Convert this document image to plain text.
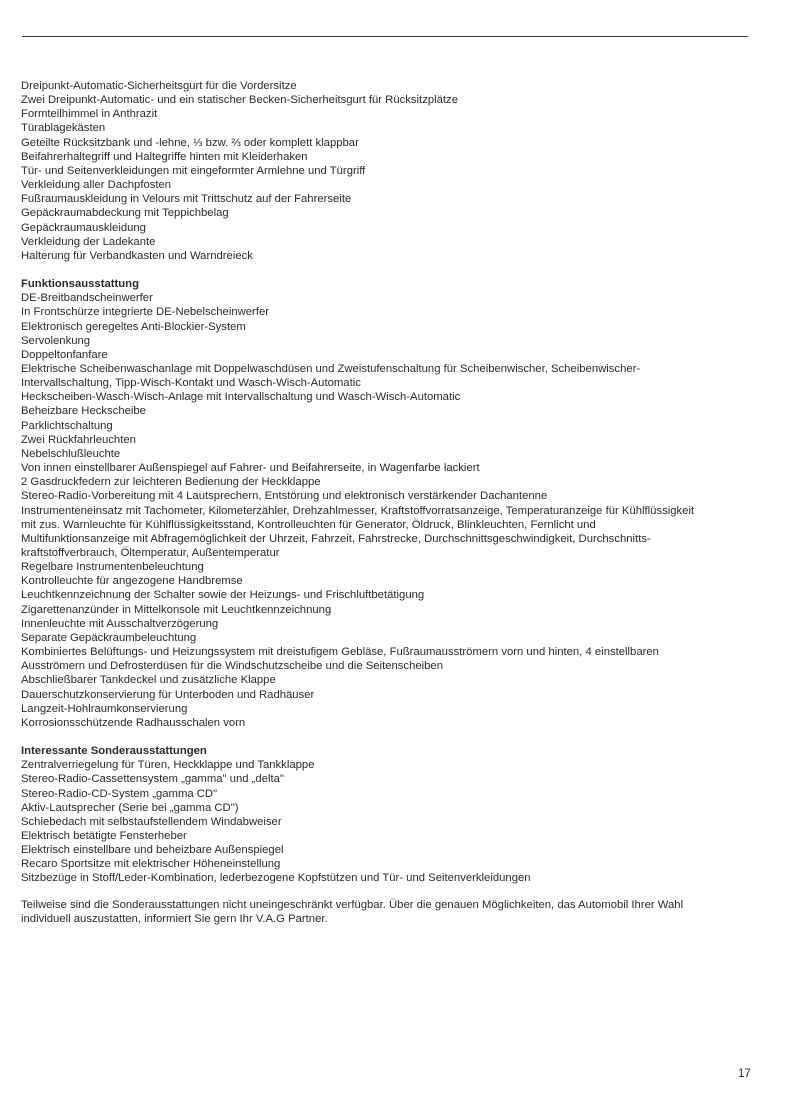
Dreipunkt-Automatic-Sicherheitsgurt für die Vordersitze
Zwei Dreipunkt-Automatic- und ein statischer Becken-Sicherheitsgurt für Rücksitzplätze
Formteilhimmel in Anthrazit
Türablagekästen
Geteilte Rücksitzbank und -lehne, ⅓ bzw. ⅔ oder komplett klappbar
Beifahrerhaltegriff und Haltegriffe hinten mit Kleiderhaken
Tür- und Seitenverkleidungen mit eingeformter Armlehne und Türgriff
Verkleidung aller Dachpfosten
Fußraumauskleidung in Velours mit Trittschutz auf der Fahrerseite
Gepäckraumabdeckung mit Teppichbelag
Gepäckraumauskleidung
Verkleidung der Ladekante
Halterung für Verbandkasten und Warndreieck
Funktionsausstattung
DE-Breitbandscheinwerfer
In Frontschürze integrierte DE-Nebelscheinwerfer
Elektronisch geregeltes Anti-Blockier-System
Servolenkung
Doppeltonfanfare
Elektrische Scheibenwaschanlage mit Doppelwaschdüsen und Zweistufenschaltung für Scheibenwischer, Scheibenwischer-
Intervallschaltung, Tipp-Wisch-Kontakt und Wasch-Wisch-Automatic
Heckscheiben-Wasch-Wisch-Anlage mit Intervallschaltung und Wasch-Wisch-Automatic
Beheizbare Heckscheibe
Parklichtschaltung
Zwei Rückfahrleuchten
Nebelschlußleuchte
Von innen einstellbarer Außenspiegel auf Fahrer- und Beifahrerseite, in Wagenfarbe lackiert
2 Gasdruckfedern zur leichteren Bedienung der Heckklappe
Stereo-Radio-Vorbereitung mit 4 Lautsprechern, Entstörung und elektronisch verstärkender Dachantenne
Instrumenteneinsatz mit Tachometer, Kilometerzähler, Drehzahlmesser, Kraftstoffvorratsanzeige, Temperaturanzeige für Kühlflüssigkeit
mit zus. Warnleuchte für Kühlflüssigkeitsstand, Kontrolleuchten für Generator, Öldruck, Blinkleuchten, Fernlicht und
Multifunktionsanzeige mit Abfragemöglichkeit der Uhrzeit, Fahrzeit, Fahrstrecke, Durchschnittsgeschwindigkeit, Durchschnitts-
kraftstoffverbrauch, Öltemperatur, Außentemperatur
Regelbare Instrumentenbeleuchtung
Kontrolleuchte für angezogene Handbremse
Leuchtkennzeichnung der Schalter sowie der Heizungs- und Frischluftbetätigung
Zigarettenanzünder in Mittelkonsole mit Leuchtkennzeichnung
Innenleuchte mit Ausschaltverzögerung
Separate Gepäckraumbeleuchtung
Kombiniertes Belüftungs- und Heizungssystem mit dreistufigem Gebläse, Fußraumausströmern vorn und hinten, 4 einstellbaren
Ausströmern und Defrosterdüsen für die Windschutzscheibe und die Seitenscheiben
Abschließbarer Tankdeckel und zusätzliche Klappe
Dauerschutzkonservierung für Unterboden und Radhäuser
Langzeit-Hohlraumkonservierung
Korrosionsschützende Radhausschalen vorn
Interessante Sonderausstattungen
Zentralverriegelung für Türen, Heckklappe und Tankklappe
Stereo-Radio-Cassettensystem „gamma" und „delta"
Stereo-Radio-CD-System „gamma CD"
Aktiv-Lautsprecher (Serie bei „gamma CD")
Schiebedach mit selbstaufstellendem Windabweiser
Elektrisch betätigte Fensterheber
Elektrisch einstellbare und beheizbare Außenspiegel
Recaro Sportsitze mit elektrischer Höheneinstellung
Sitzbezüge in Stoff/Leder-Kombination, lederbezogene Kopfstützen und Tür- und Seitenverkleidungen
Teilweise sind die Sonderausstattungen nicht uneingeschränkt verfügbar. Über die genauen Möglichkeiten, das Automobil Ihrer Wahl
individuell auszustatten, informiert Sie gern Ihr V.A.G Partner.
17
